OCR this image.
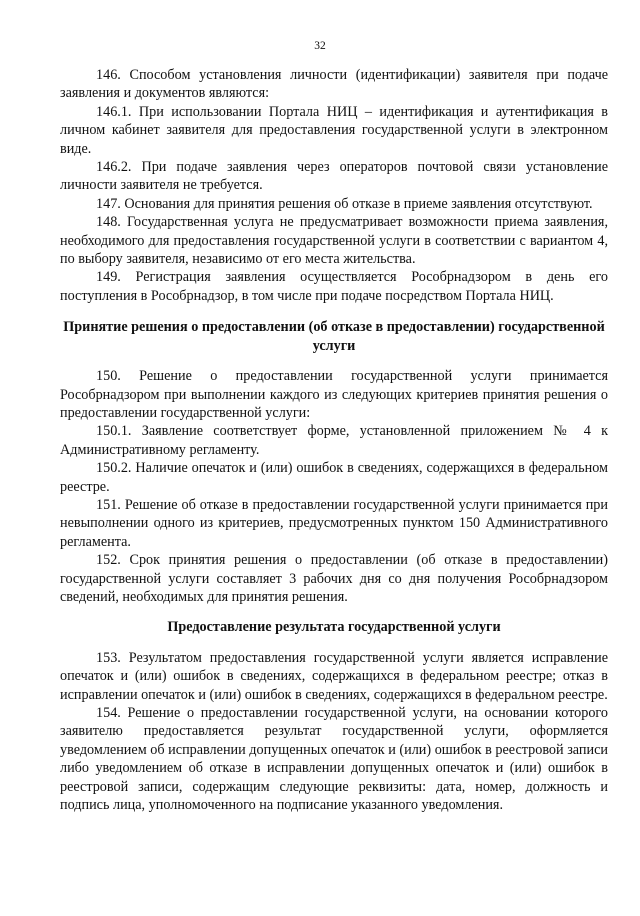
32

146. Способом установления личности (идентификации) заявителя при подаче заявления и документов являются:

146.1. При использовании Портала НИЦ – идентификация и аутентификация в личном кабинет заявителя для предоставления государственной услуги в электронном виде.

146.2. При подаче заявления через операторов почтовой связи установление личности заявителя не требуется.

147. Основания для принятия решения об отказе в приеме заявления отсутствуют.

148. Государственная услуга не предусматривает возможности приема заявления, необходимого для предоставления государственной услуги в соответствии с вариантом 4, по выбору заявителя, независимо от его места жительства.

149. Регистрация заявления осуществляется Рособрнадзором в день его поступления в Рособрнадзор, в том числе при подаче посредством Портала НИЦ.

Принятие решения о предоставлении (об отказе в предоставлении) государственной услуги

150. Решение о предоставлении государственной услуги принимается Рособрнадзором при выполнении каждого из следующих критериев принятия решения о предоставлении государственной услуги:

150.1. Заявление соответствует форме, установленной приложением № 4 к Административному регламенту.

150.2. Наличие опечаток и (или) ошибок в сведениях, содержащихся в федеральном реестре.

151. Решение об отказе в предоставлении государственной услуги принимается при невыполнении одного из критериев, предусмотренных пунктом 150 Административного регламента.

152. Срок принятия решения о предоставлении (об отказе в предоставлении) государственной услуги составляет 3 рабочих дня со дня получения Рособрнадзором сведений, необходимых для принятия решения.

Предоставление результата государственной услуги

153. Результатом предоставления государственной услуги является исправление опечаток и (или) ошибок в сведениях, содержащихся в федеральном реестре; отказ в исправлении опечаток и (или) ошибок в сведениях, содержащихся в федеральном реестре.

154. Решение о предоставлении государственной услуги, на основании которого заявителю предоставляется результат государственной услуги, оформляется уведомлением об исправлении допущенных опечаток и (или) ошибок в реестровой записи либо уведомлением об отказе в исправлении допущенных опечаток и (или) ошибок в реестровой записи, содержащим следующие реквизиты: дата, номер, должность и подпись лица, уполномоченного на подписание указанного уведомления.
